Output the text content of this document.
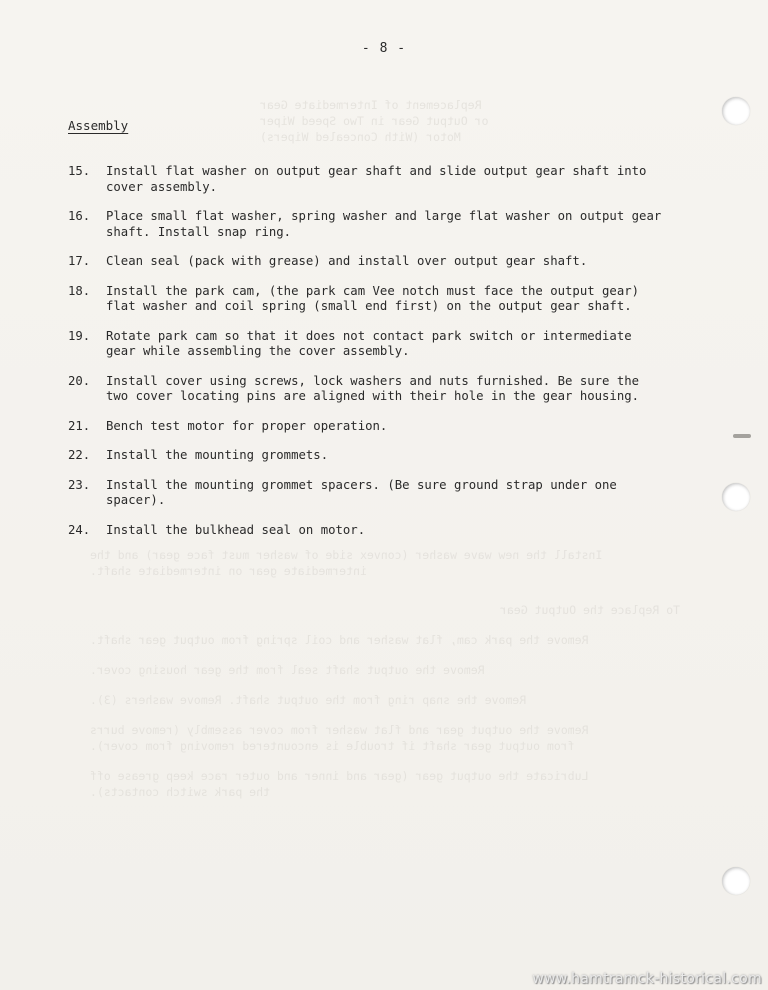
Replacement of Intermediate Gear
or Output Gear in Two Speed Wiper
Motor (With Concealed Wipers)
Install the new wave washer (convex side of washer must face gear) and the
intermediate gear on intermediate shaft.
To Replace the Output Gear
Remove the park cam, flat washer and coil spring from output gear shaft.
Remove the output shaft seal from the gear housing cover.
Remove the snap ring from the output shaft. Remove washers (3).
Remove the output gear and flat washer from cover assembly (remove burrs
from output gear shaft if trouble is encountered removing from cover).
Lubricate the output gear (gear and inner and outer race keep grease off
the park switch contacts).
- 8 -
Assembly
15.	Install flat washer on output gear shaft and slide output gear shaft into
cover assembly.
16.	Place small flat washer, spring washer and large flat washer on output gear
shaft. Install snap ring.
17.	Clean seal (pack with grease) and install over output gear shaft.
18.	Install the park cam, (the park cam Vee notch must face the output gear)
flat washer and coil spring (small end first) on the output gear shaft.
19.	Rotate park cam so that it does not contact park switch or intermediate
gear while assembling the cover assembly.
20.	Install cover using screws, lock washers and nuts furnished. Be sure the
two cover locating pins are aligned with their hole in the gear housing.
21.	Bench test motor for proper operation.
22.	Install the mounting grommets.
23.	Install the mounting grommet spacers. (Be sure ground strap under one
spacer).
24.	Install the bulkhead seal on motor.
www.hamtramck-historical.com
